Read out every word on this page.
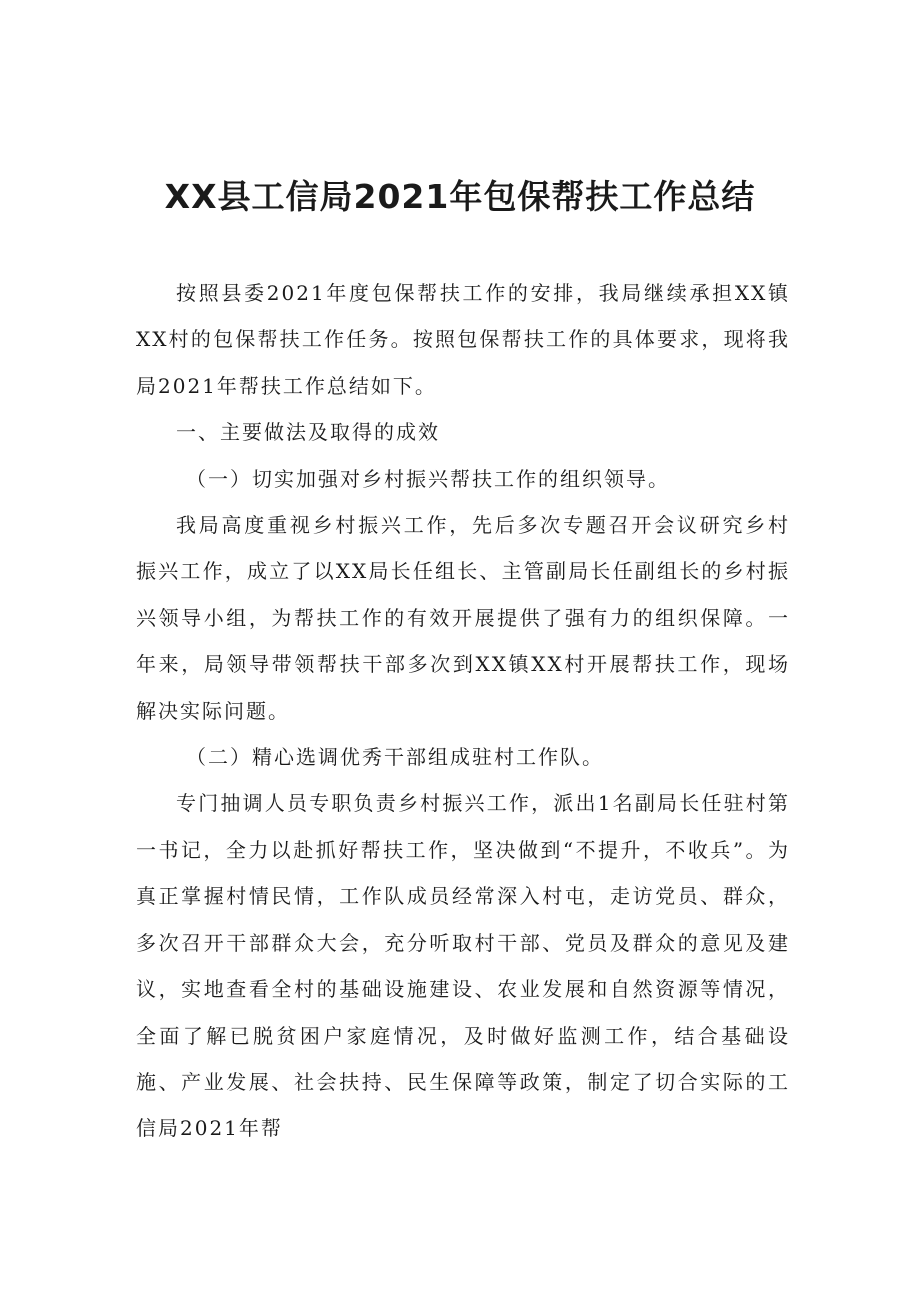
XX县工信局2021年包保帮扶工作总结

按照县委2021年度包保帮扶工作的安排，我局继续承担XX镇XX村的包保帮扶工作任务。按照包保帮扶工作的具体要求，现将我局2021年帮扶工作总结如下。

一、主要做法及取得的成效

（一）切实加强对乡村振兴帮扶工作的组织领导。

我局高度重视乡村振兴工作，先后多次专题召开会议研究乡村振兴工作，成立了以XX局长任组长、主管副局长任副组长的乡村振兴领导小组，为帮扶工作的有效开展提供了强有力的组织保障。一年来，局领导带领帮扶干部多次到XX镇XX村开展帮扶工作，现场解决实际问题。

（二）精心选调优秀干部组成驻村工作队。

专门抽调人员专职负责乡村振兴工作，派出1名副局长任驻村第一书记，全力以赴抓好帮扶工作，坚决做到“不提升，不收兵”。为真正掌握村情民情，工作队成员经常深入村屯，走访党员、群众，多次召开干部群众大会，充分听取村干部、党员及群众的意见及建议，实地查看全村的基础设施建设、农业发展和自然资源等情况，全面了解已脱贫困户家庭情况，及时做好监测工作，结合基础设施、产业发展、社会扶持、民生保障等政策，制定了切合实际的工信局2021年帮
